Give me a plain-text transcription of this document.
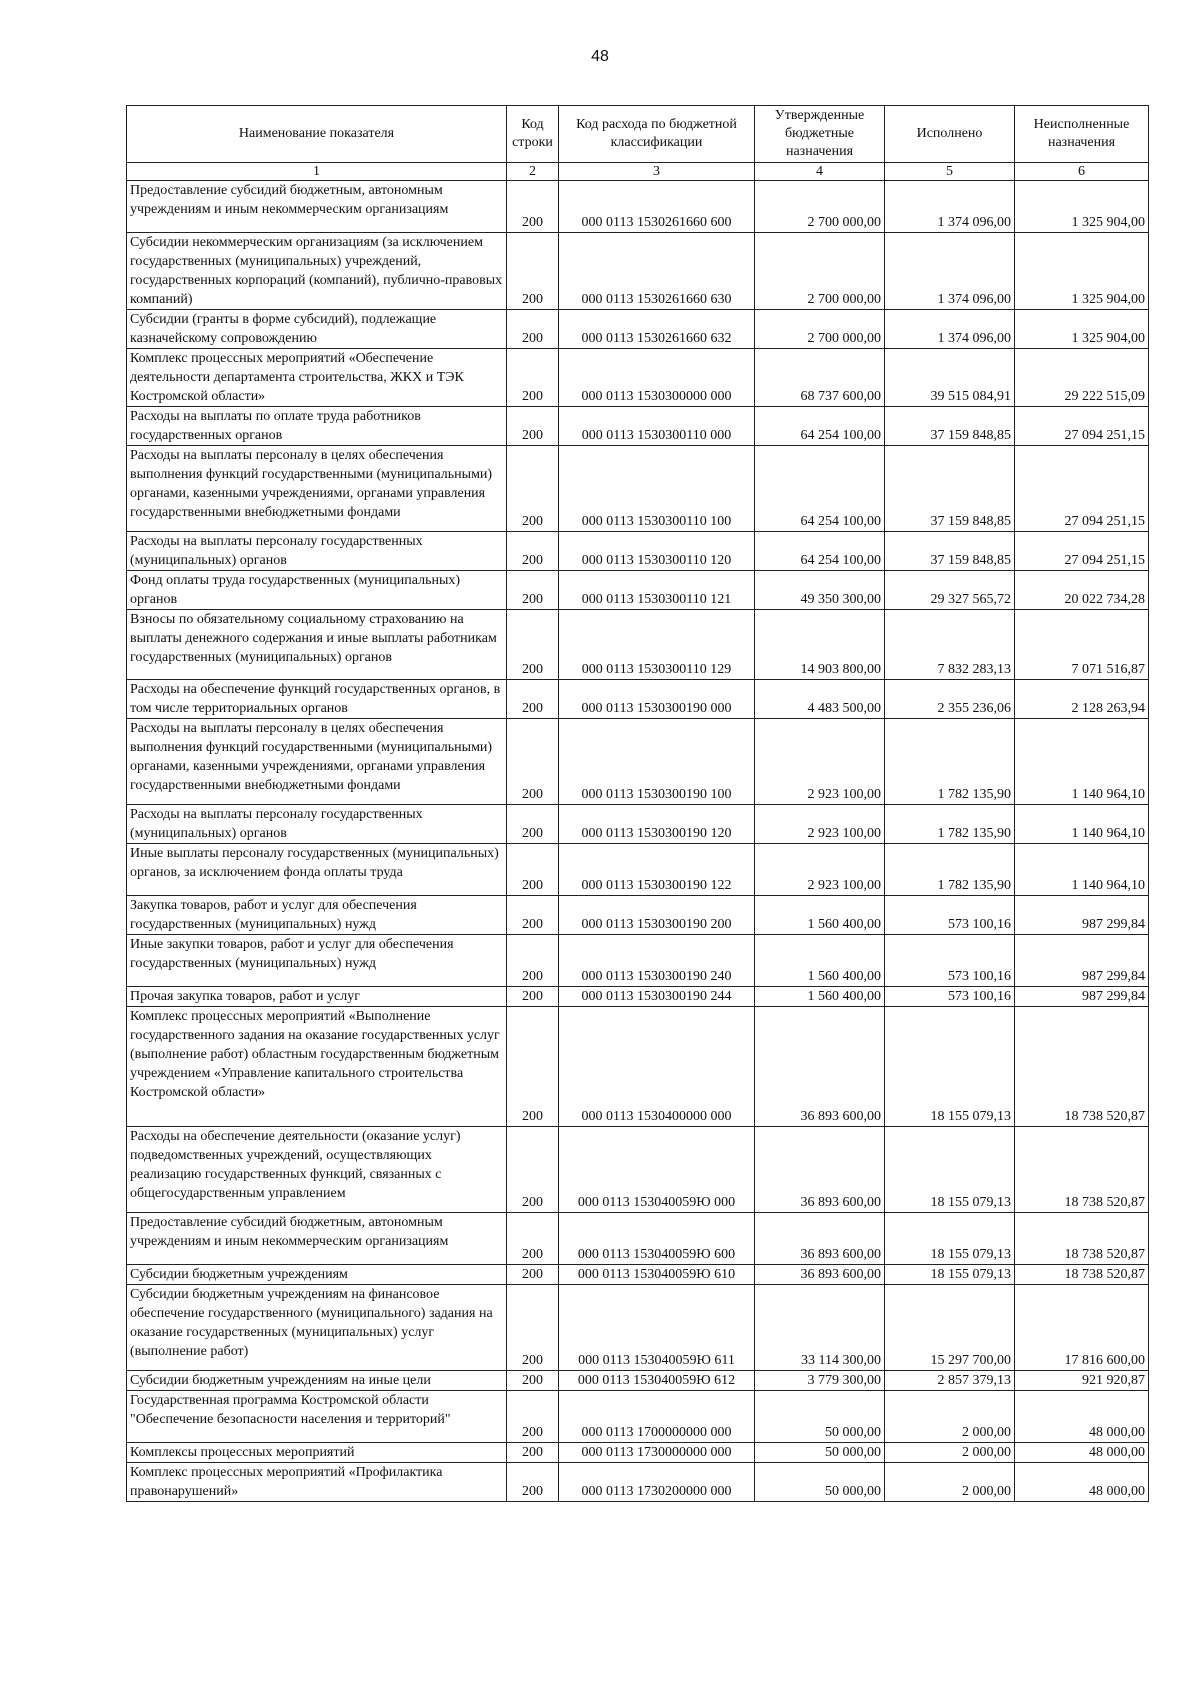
48
Наименование показателя	Код строки	Код расхода по бюджетной классификации	Утвержденные бюджетные назначения	Исполнено	Неисполненные назначения
1	2	3	4	5	6
Предоставление субсидий бюджетным, автономным учреждениям и иным некоммерческим организациям	200	000 0113 1530261660 600	2 700 000,00	1 374 096,00	1 325 904,00
Субсидии некоммерческим организациям (за исключением государственных (муниципальных) учреждений, государственных корпораций (компаний), публично-правовых компаний)	200	000 0113 1530261660 630	2 700 000,00	1 374 096,00	1 325 904,00
Субсидии (гранты в форме субсидий), подлежащие казначейскому сопровождению	200	000 0113 1530261660 632	2 700 000,00	1 374 096,00	1 325 904,00
Комплекс процессных мероприятий «Обеспечение деятельности департамента строительства, ЖКХ и ТЭК Костромской области»	200	000 0113 1530300000 000	68 737 600,00	39 515 084,91	29 222 515,09
Расходы на выплаты по оплате труда работников государственных органов	200	000 0113 1530300110 000	64 254 100,00	37 159 848,85	27 094 251,15
Расходы на выплаты персоналу в целях обеспечения выполнения функций государственными (муниципальными) органами, казенными учреждениями, органами управления государственными внебюджетными фондами	200	000 0113 1530300110 100	64 254 100,00	37 159 848,85	27 094 251,15
Расходы на выплаты персоналу государственных (муниципальных) органов	200	000 0113 1530300110 120	64 254 100,00	37 159 848,85	27 094 251,15
Фонд оплаты труда государственных (муниципальных) органов	200	000 0113 1530300110 121	49 350 300,00	29 327 565,72	20 022 734,28
Взносы по обязательному социальному страхованию на выплаты денежного содержания и иные выплаты работникам государственных (муниципальных) органов	200	000 0113 1530300110 129	14 903 800,00	7 832 283,13	7 071 516,87
Расходы на обеспечение функций государственных органов, в том числе территориальных органов	200	000 0113 1530300190 000	4 483 500,00	2 355 236,06	2 128 263,94
Расходы на выплаты персоналу в целях обеспечения выполнения функций государственными (муниципальными) органами, казенными учреждениями, органами управления государственными внебюджетными фондами	200	000 0113 1530300190 100	2 923 100,00	1 782 135,90	1 140 964,10
Расходы на выплаты персоналу государственных (муниципальных) органов	200	000 0113 1530300190 120	2 923 100,00	1 782 135,90	1 140 964,10
Иные выплаты персоналу государственных (муниципальных) органов, за исключением фонда оплаты труда	200	000 0113 1530300190 122	2 923 100,00	1 782 135,90	1 140 964,10
Закупка товаров, работ и услуг для обеспечения государственных (муниципальных) нужд	200	000 0113 1530300190 200	1 560 400,00	573 100,16	987 299,84
Иные закупки товаров, работ и услуг для обеспечения государственных (муниципальных) нужд	200	000 0113 1530300190 240	1 560 400,00	573 100,16	987 299,84
Прочая закупка товаров, работ и услуг	200	000 0113 1530300190 244	1 560 400,00	573 100,16	987 299,84
Комплекс процессных мероприятий «Выполнение государственного задания на оказание государственных услуг (выполнение работ) областным государственным бюджетным учреждением «Управление капитального строительства Костромской области»	200	000 0113 1530400000 000	36 893 600,00	18 155 079,13	18 738 520,87
Расходы на обеспечение деятельности (оказание услуг) подведомственных учреждений, осуществляющих реализацию государственных функций, связанных с общегосударственным управлением	200	000 0113 153040059Ю 000	36 893 600,00	18 155 079,13	18 738 520,87
Предоставление субсидий бюджетным, автономным учреждениям и иным некоммерческим организациям	200	000 0113 153040059Ю 600	36 893 600,00	18 155 079,13	18 738 520,87
Субсидии бюджетным учреждениям	200	000 0113 153040059Ю 610	36 893 600,00	18 155 079,13	18 738 520,87
Субсидии бюджетным учреждениям на финансовое обеспечение государственного (муниципального) задания на оказание государственных (муниципальных) услуг (выполнение работ)	200	000 0113 153040059Ю 611	33 114 300,00	15 297 700,00	17 816 600,00
Субсидии бюджетным учреждениям на иные цели	200	000 0113 153040059Ю 612	3 779 300,00	2 857 379,13	921 920,87
Государственная программа Костромской области "Обеспечение безопасности населения и территорий"	200	000 0113 1700000000 000	50 000,00	2 000,00	48 000,00
Комплексы процессных мероприятий	200	000 0113 1730000000 000	50 000,00	2 000,00	48 000,00
Комплекс процессных мероприятий «Профилактика правонарушений»	200	000 0113 1730200000 000	50 000,00	2 000,00	48 000,00
